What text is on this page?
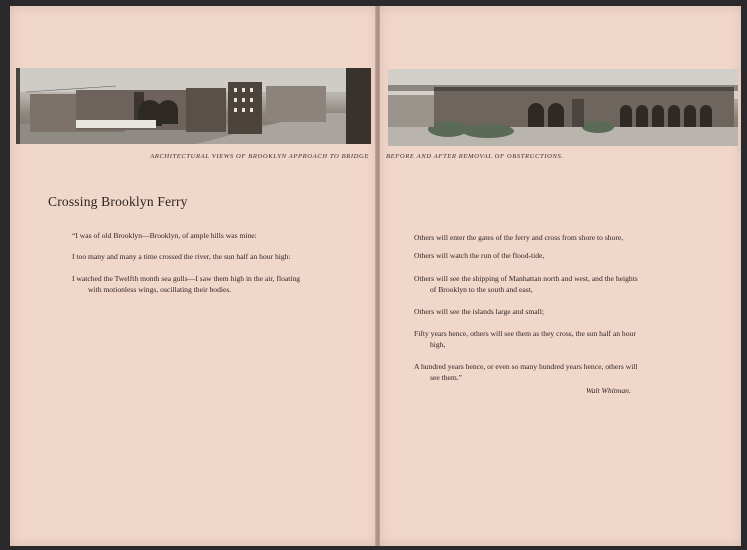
ARCHITECTURAL VIEWS OF BROOKLYN APPROACH TO BRIDGE
Crossing Brooklyn Ferry
“I was of old Brooklyn—Brooklyn, of ample hills was mine:
I too many and many a time crossed the river, the sun half an hour high:
I watched the Twelfth month sea gulls—I saw them high in the air, floating
with motionless wings, oscillating their bodies.
BEFORE AND AFTER REMOVAL OF OBSTRUCTIONS.
Others will enter the gates of the ferry and cross from shore to shore,
Others will watch the run of the flood-tide,
Others will see the shipping of Manhattan north and west, and the heights
of Brooklyn to the south and east,
Others will see the islands large and small;
Fifty years hence, others will see them as they cross, the sun half an hour
high,
A hundred years hence, or even so many hundred years hence, others will
see them.”
Walt Whitman.
